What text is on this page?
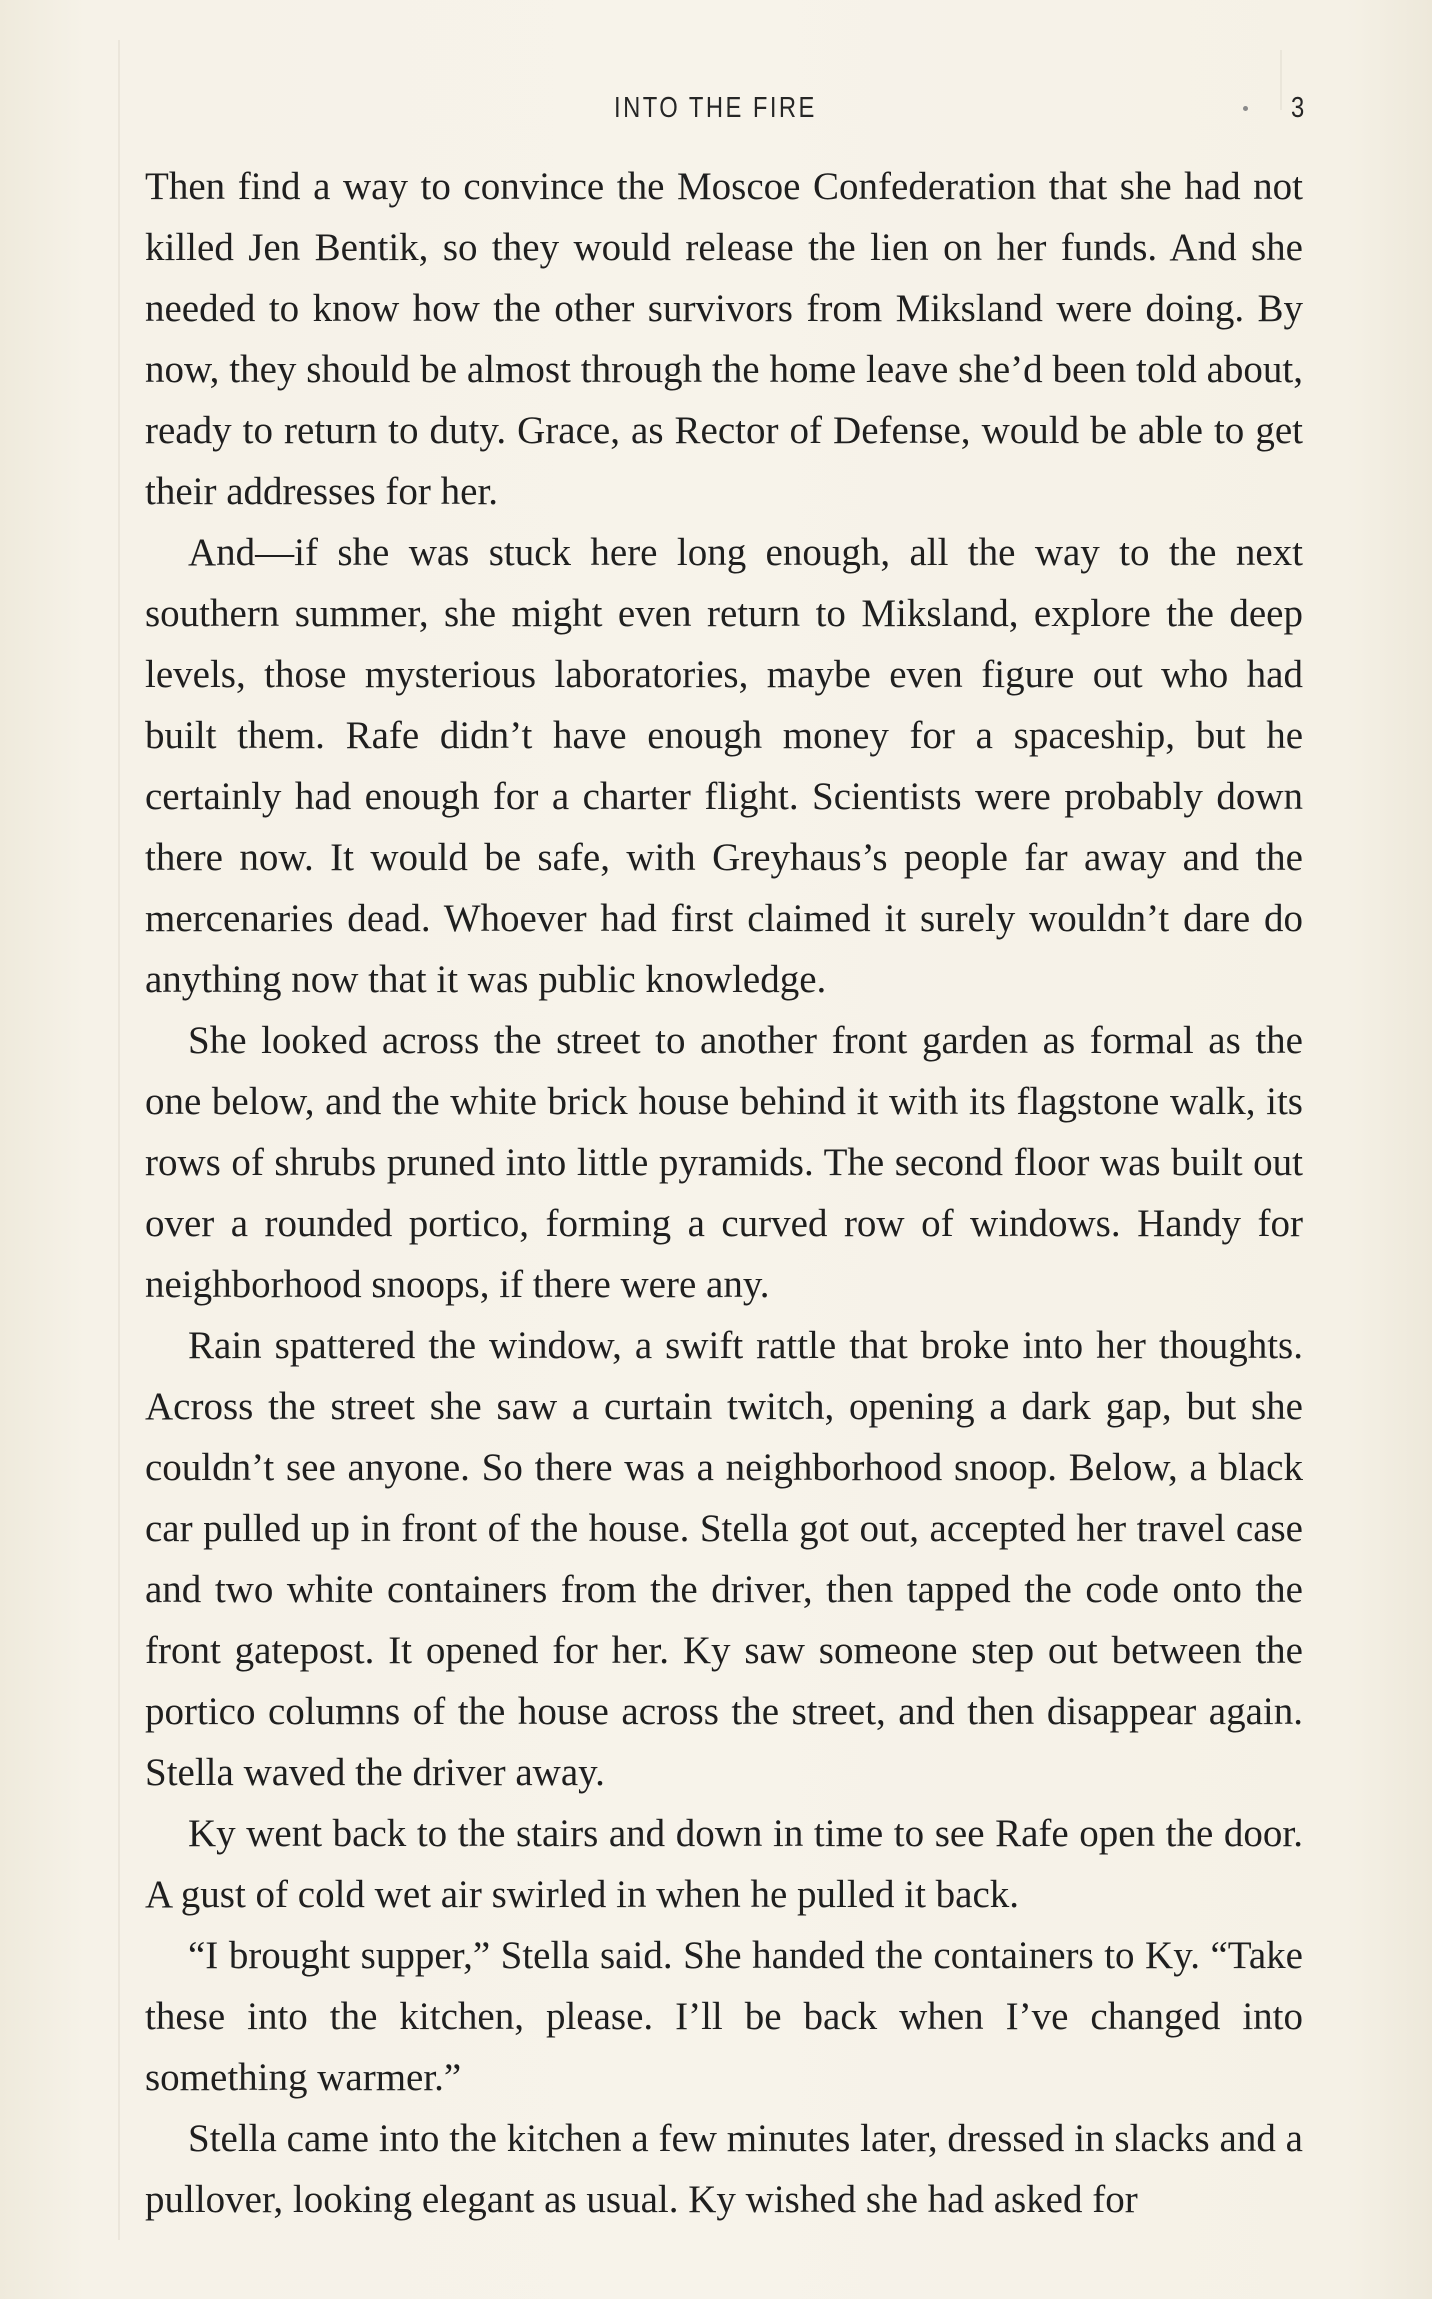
INTO THE FIRE	3

Then find a way to convince the Moscoe Confederation that she had not killed Jen Bentik, so they would release the lien on her funds. And she needed to know how the other survivors from Miksland were doing. By now, they should be almost through the home leave she’d been told about, ready to return to duty. Grace, as Rector of Defense, would be able to get their addresses for her.

And—if she was stuck here long enough, all the way to the next southern summer, she might even return to Miksland, explore the deep levels, those mysterious laboratories, maybe even figure out who had built them. Rafe didn’t have enough money for a spaceship, but he certainly had enough for a charter flight. Scientists were probably down there now. It would be safe, with Greyhaus’s people far away and the mercenaries dead. Whoever had first claimed it surely wouldn’t dare do anything now that it was public knowledge.

She looked across the street to another front garden as formal as the one below, and the white brick house behind it with its flagstone walk, its rows of shrubs pruned into little pyramids. The second floor was built out over a rounded portico, forming a curved row of windows. Handy for neighborhood snoops, if there were any.

Rain spattered the window, a swift rattle that broke into her thoughts. Across the street she saw a curtain twitch, opening a dark gap, but she couldn’t see anyone. So there was a neighborhood snoop. Below, a black car pulled up in front of the house. Stella got out, accepted her travel case and two white containers from the driver, then tapped the code onto the front gatepost. It opened for her. Ky saw someone step out between the portico columns of the house across the street, and then disappear again. Stella waved the driver away.

Ky went back to the stairs and down in time to see Rafe open the door. A gust of cold wet air swirled in when he pulled it back.

“I brought supper,” Stella said. She handed the containers to Ky. “Take these into the kitchen, please. I’ll be back when I’ve changed into something warmer.”

Stella came into the kitchen a few minutes later, dressed in slacks and a pullover, looking elegant as usual. Ky wished she had asked for
